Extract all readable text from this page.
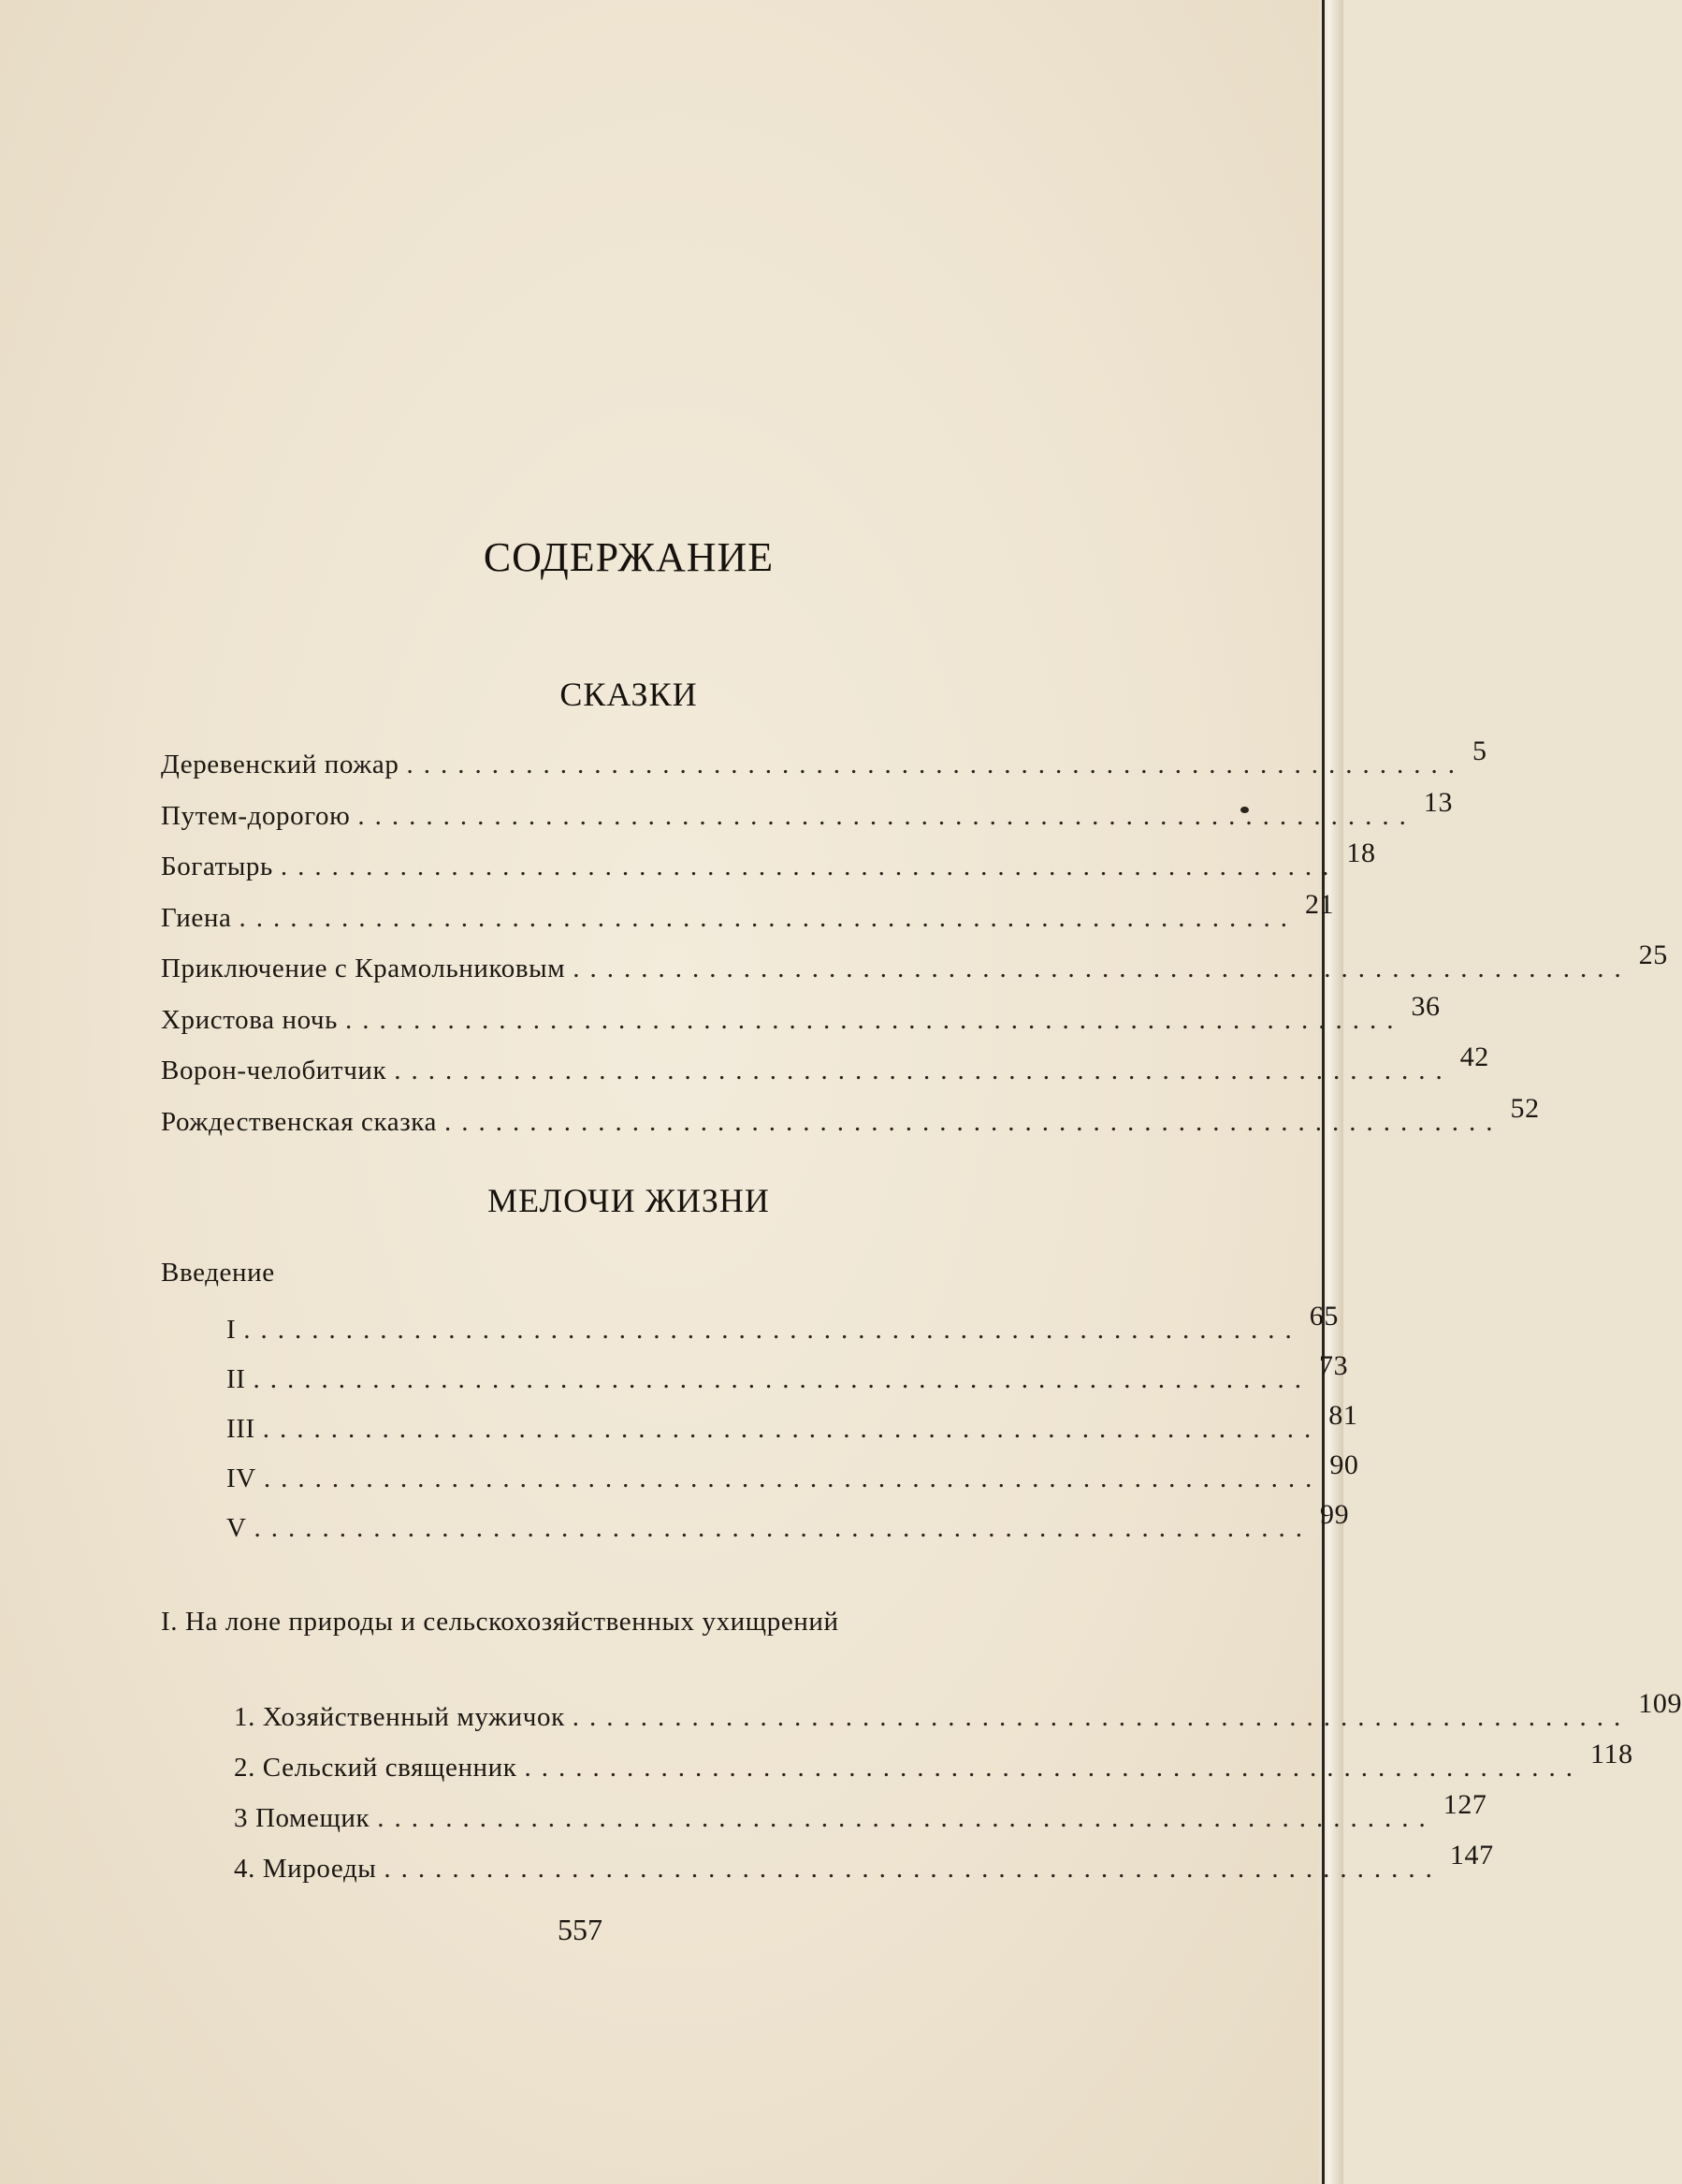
СОДЕРЖАНИЕ
СКАЗКИ
Деревенский пожар .............................................................. 5
Путем-дорогою .............................................................. 13
Богатырь .............................................................. 18
Гиена .............................................................. 21
Приключение с Крамольниковым .............................................................. 25
Христова ночь .............................................................. 36
Ворон-челобитчик .............................................................. 42
Рождественская сказка .............................................................. 52
МЕЛОЧИ ЖИЗНИ
Введение
I .............................................................. 65
II .............................................................. 73
III .............................................................. 81
IV .............................................................. 90
V .............................................................. 99
I. На лоне природы и сельскохозяйственных ухищрений
1. Хозяйственный мужичок .............................................................. 109
2. Сельский священник .............................................................. 118
3 Помещик .............................................................. 127
4. Мироеды .............................................................. 147
557
